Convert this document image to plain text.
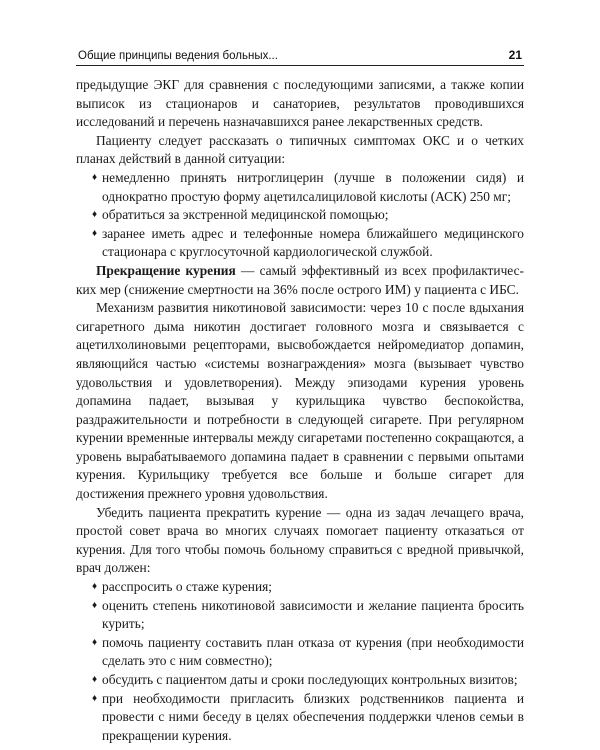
Общие принципы ведения больных...	21

предыдущие ЭКГ для сравнения с последующими записями, а также копии выписок из стационаров и санаториев, результатов проводившихся исследований и перечень назначавшихся ранее лекарственных средств.

Пациенту следует рассказать о типичных симптомах ОКС и о четких планах действий в данной ситуации:

♦ немедленно принять нитроглицерин (лучше в положении сидя) и однократно простую форму ацетилсалициловой кислоты (АСК) 250 мг;
♦ обратиться за экстренной медицинской помощью;
♦ заранее иметь адрес и телефонные номера ближайшего медицинского стационара с круглосуточной кардиологической службой.

Прекращение курения — самый эффективный из всех профилактических мер (снижение смертности на 36% после острого ИМ) у пациента с ИБС.

Механизм развития никотиновой зависимости: через 10 с после вдыхания сигаретного дыма никотин достигает головного мозга и связывается с ацетилхолиновыми рецепторами, высвобождается нейромедиатор допамин, являющийся частью «системы вознаграждения» мозга (вызывает чувство удовольствия и удовлетворения). Между эпизодами курения уровень допамина падает, вызывая у курильщика чувство беспокойства, раздражительности и потребности в следующей сигарете. При регулярном курении временные интервалы между сигаретами постепенно сокращаются, а уровень вырабатываемого допамина падает в сравнении с первыми опытами курения. Курильщику требуется все больше и больше сигарет для достижения прежнего уровня удовольствия.

Убедить пациента прекратить курение — одна из задач лечащего врача, простой совет врача во многих случаях помогает пациенту отказаться от курения. Для того чтобы помочь больному справиться с вредной привычкой, врач должен:

♦ расспросить о стаже курения;
♦ оценить степень никотиновой зависимости и желание пациента бросить курить;
♦ помочь пациенту составить план отказа от курения (при необходимости сделать это с ним совместно);
♦ обсудить с пациентом даты и сроки последующих контрольных визитов;
♦ при необходимости пригласить близких родственников пациента и провести с ними беседу в целях обеспечения поддержки членов семьи в прекращении курения.
